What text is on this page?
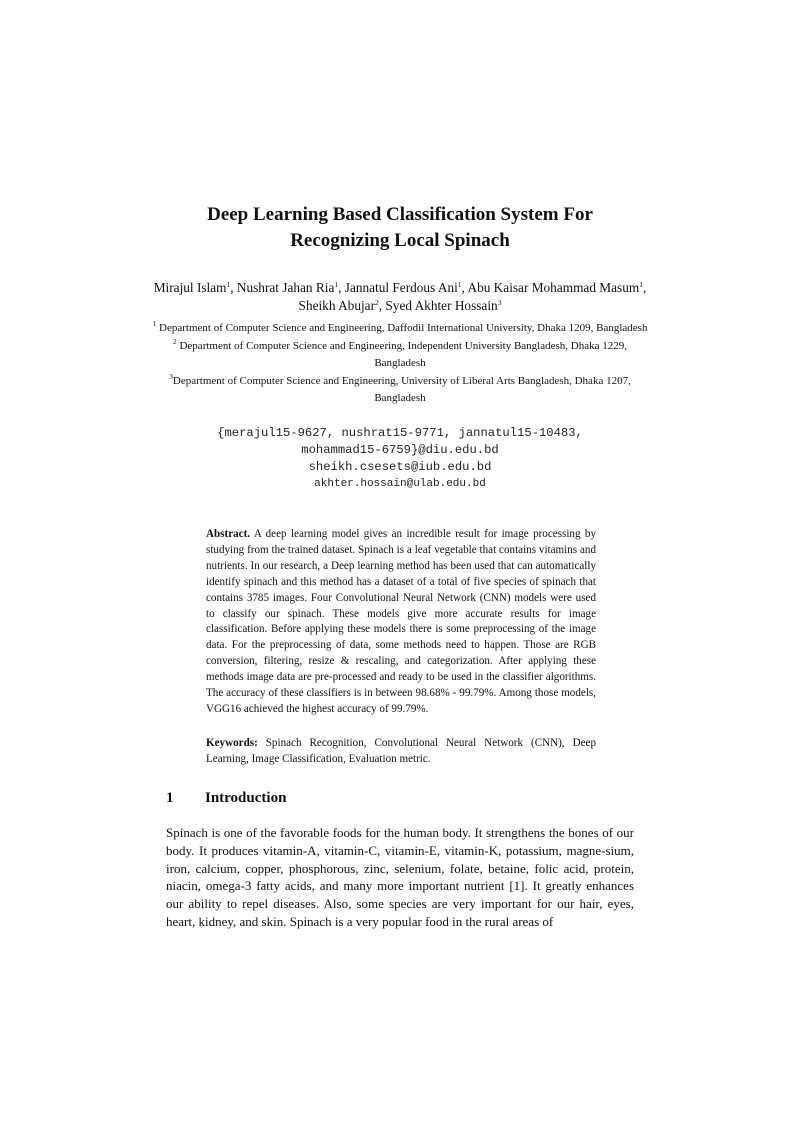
Deep Learning Based Classification System For
Recognizing Local Spinach
Mirajul Islam$^1$, Nushrat Jahan Ria$^1$, Jannatul Ferdous Ani$^1$, Abu Kaisar Mohammad Masum$^1$, Sheikh Abujar$^2$, Syed Akhter Hossain$^3$
$^1$ Department of Computer Science and Engineering, Daffodil International University, Dhaka 1209, Bangladesh
$^2$ Department of Computer Science and Engineering, Independent University Bangladesh, Dhaka 1229, Bangladesh
$^3$Department of Computer Science and Engineering, University of Liberal Arts Bangladesh, Dhaka 1207, Bangladesh
{merajul15-9627, nushrat15-9771, jannatul15-10483,
mohammad15-6759}@diu.edu.bd
sheikh.csesets@iub.edu.bd
akhter.hossain@ulab.edu.bd
Abstract. A deep learning model gives an incredible result for image processing by studying from the trained dataset. Spinach is a leaf vegetable that contains vitamins and nutrients. In our research, a Deep learning method has been used that can automatically identify spinach and this method has a dataset of a total of five species of spinach that contains 3785 images. Four Convolutional Neural Network (CNN) models were used to classify our spinach. These models give more accurate results for image classification. Before applying these models there is some preprocessing of the image data. For the preprocessing of data, some methods need to happen. Those are RGB conversion, filtering, resize & rescaling, and categorization. After applying these methods image data are pre-processed and ready to be used in the classifier algorithms. The accuracy of these classifiers is in between 98.68% - 99.79%. Among those models, VGG16 achieved the highest accuracy of 99.79%.
Keywords: Spinach Recognition, Convolutional Neural Network (CNN), Deep Learning, Image Classification, Evaluation metric.
1 Introduction
Spinach is one of the favorable foods for the human body. It strengthens the bones of our body. It produces vitamin-A, vitamin-C, vitamin-E, vitamin-K, potassium, magne-sium, iron, calcium, copper, phosphorous, zinc, selenium, folate, betaine, folic acid, protein, niacin, omega-3 fatty acids, and many more important nutrient [1]. It greatly enhances our ability to repel diseases. Also, some species are very important for our hair, eyes, heart, kidney, and skin. Spinach is a very popular food in the rural areas of
